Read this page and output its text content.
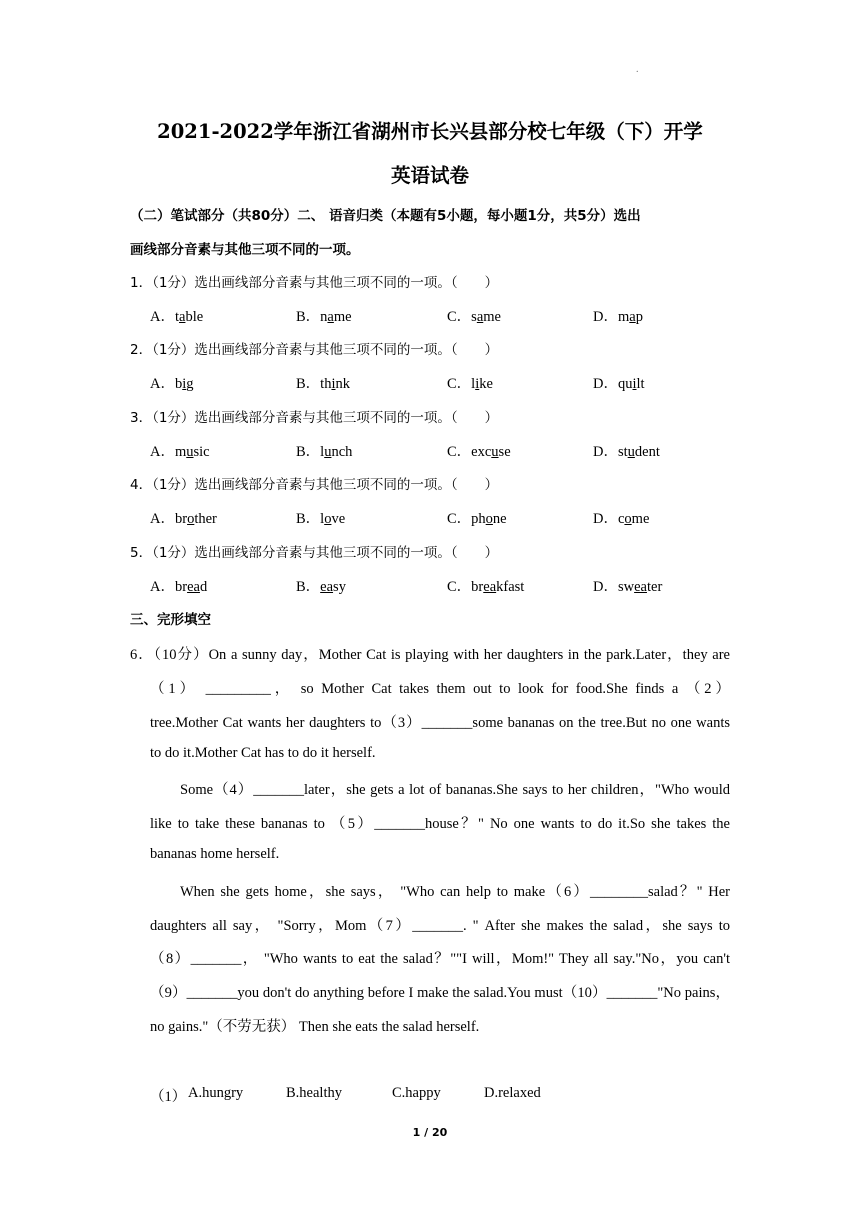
.
2021-2022学年浙江省湖州市长兴县部分校七年级（下）开学
英语试卷
（二）笔试部分（共80分）二、 语音归类（本题有5小题，每小题1分，共5分）选出
画线部分音素与其他三项不同的一项。
1．（1分）选出画线部分音素与其他三项不同的一项。（　　）
A．table	B．name	C．same	D．map
2．（1分）选出画线部分音素与其他三项不同的一项。（　　）
A．big	B．think	C．like	D．quilt
3．（1分）选出画线部分音素与其他三项不同的一项。（　　）
A．music	B．lunch	C．excuse	D．student
4．（1分）选出画线部分音素与其他三项不同的一项。（　　）
A．brother	B．love	C．phone	D．come
5．（1分）选出画线部分音素与其他三项不同的一项。（　　）
A．bread	B．easy	C．breakfast	D．sweater
三、完形填空
6．（10分）On a sunny day，Mother Cat is playing with her daughters in the park.Later，they are
（1） _________， so Mother Cat takes them out to look for food.She finds a （2）
tree.Mother Cat wants her daughters to（3）_______some bananas on the tree.But no one wants
to do it.Mother Cat has to do it herself.
Some（4）_______later，she gets a lot of bananas.She says to her children，"Who would
like to take these bananas to （5）_______house？" No one wants to do it.So she takes the
bananas home herself.
When she gets home，she says， "Who can help to make（6）________salad？" Her
daughters all say， "Sorry，Mom（7）_______. " After she makes the salad，she says to
（8）_______， "Who wants to eat the salad？""I will，Mom!" They all say."No，you can't
（9）_______you don't do anything before I make the salad.You must（10）_______"No pains，
no gains."（不劳无获） Then she eats the salad herself.
（1） A.hungry	B.healthy	C.happy	D.relaxed
1 / 20
